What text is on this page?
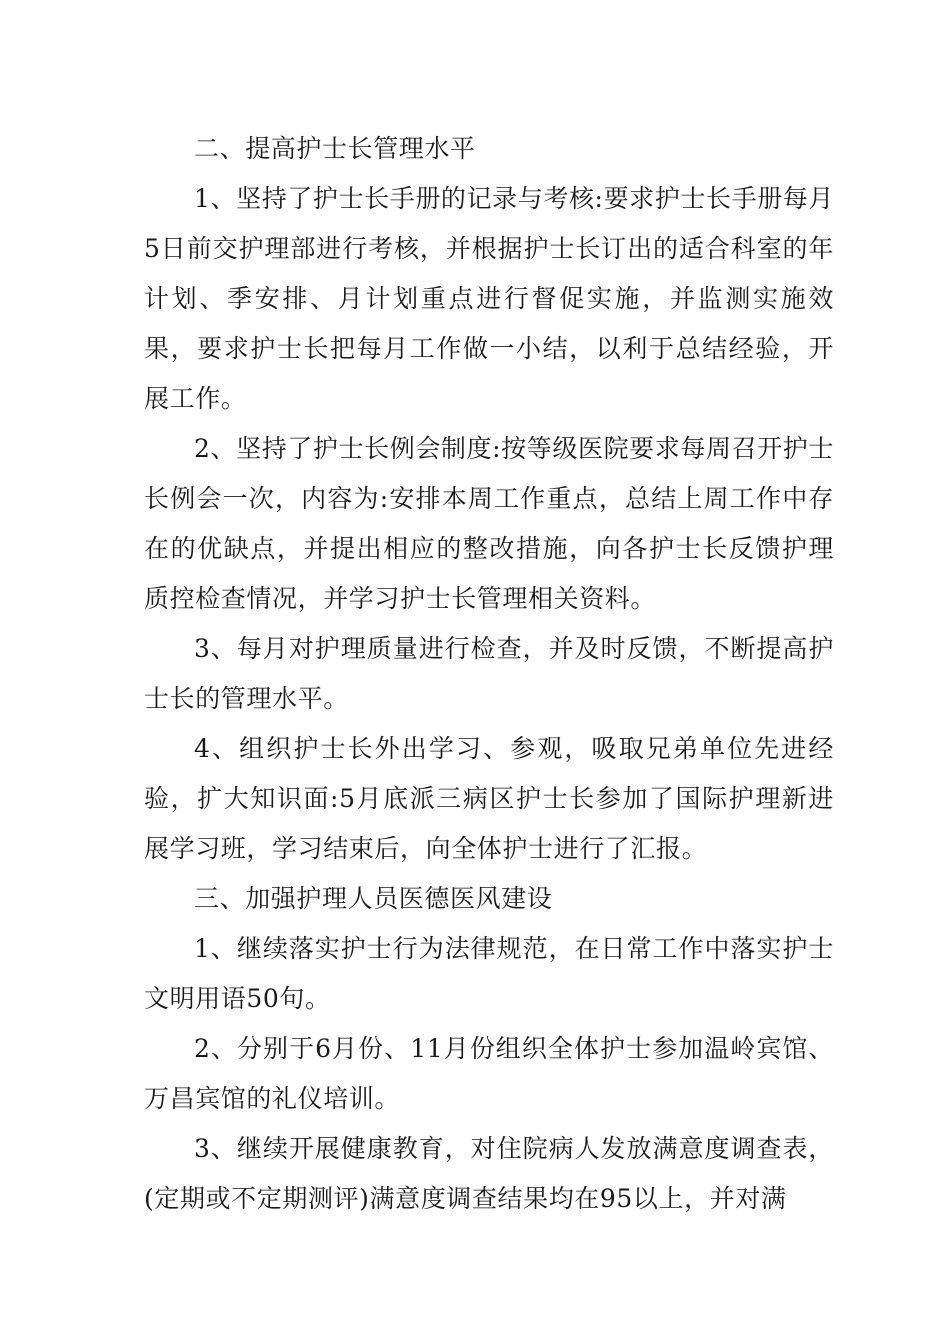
二、提高护士长管理水平

1、坚持了护士长手册的记录与考核:要求护士长手册每月5日前交护理部进行考核，并根据护士长订出的适合科室的年计划、季安排、月计划重点进行督促实施，并监测实施效果，要求护士长把每月工作做一小结，以利于总结经验，开展工作。

2、坚持了护士长例会制度:按等级医院要求每周召开护士长例会一次，内容为:安排本周工作重点，总结上周工作中存在的优缺点，并提出相应的整改措施，向各护士长反馈护理质控检查情况，并学习护士长管理相关资料。

3、每月对护理质量进行检查，并及时反馈，不断提高护士长的管理水平。

4、组织护士长外出学习、参观，吸取兄弟单位先进经验，扩大知识面:5月底派三病区护士长参加了国际护理新进展学习班，学习结束后，向全体护士进行了汇报。

三、加强护理人员医德医风建设

1、继续落实护士行为法律规范，在日常工作中落实护士文明用语50句。

2、分别于6月份、11月份组织全体护士参加温岭宾馆、万昌宾馆的礼仪培训。

3、继续开展健康教育，对住院病人发放满意度调查表，(定期或不定期测评)满意度调查结果均在95以上，并对满
